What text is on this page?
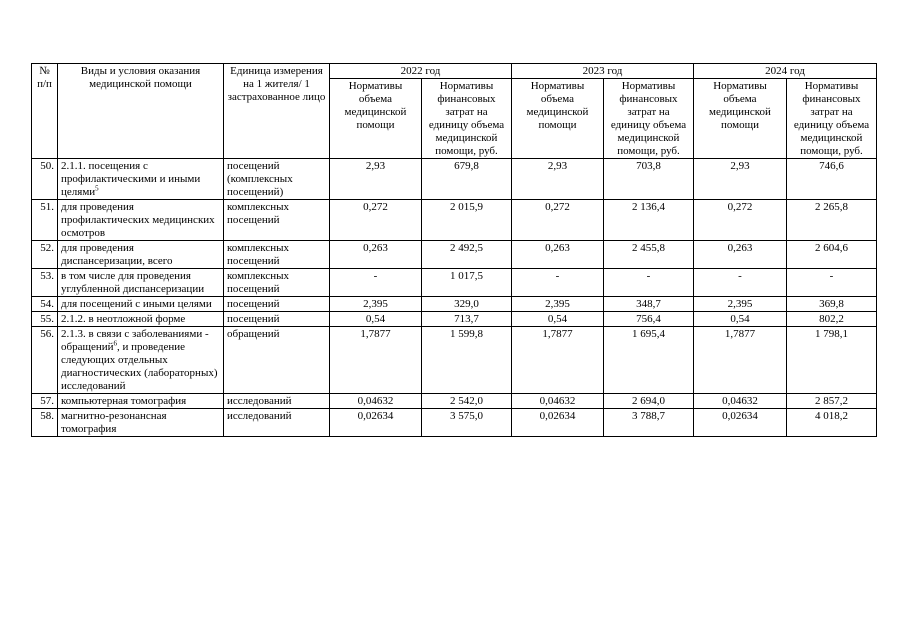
№ п/п	Виды и условия оказания медицинской помощи	Единица измерения на 1 жителя/ 1 застрахованное лицо	2022 год		2023 год		2024 год	
			Нормативы объема медицинской помощи	Нормативы финансовых затрат на единицу объема медицинской помощи, руб.	Нормативы объема медицинской помощи	Нормативы финансовых затрат на единицу объема медицинской помощи, руб.	Нормативы объема медицинской помощи	Нормативы финансовых затрат на единицу объема медицинской помощи, руб.
50.	2.1.1. посещения с профилактическими и иными целями$^5$	посещений (комплексных посещений)	2,93	679,8	2,93	703,8	2,93	746,6
51.	для проведения профилактических медицинских осмотров	комплексных посещений	0,272	2 015,9	0,272	2 136,4	0,272	2 265,8
52.	для проведения диспансеризации, всего	комплексных посещений	0,263	2 492,5	0,263	2 455,8	0,263	2 604,6
53.	в том числе для проведения углубленной диспансеризации	комплексных посещений	-	1 017,5	-	-	-	-
54.	для посещений с иными целями	посещений	2,395	329,0	2,395	348,7	2,395	369,8
55.	2.1.2. в неотложной форме	посещений	0,54	713,7	0,54	756,4	0,54	802,2
56.	2.1.3. в связи с заболеваниями - обращений$^6$, и проведение следующих отдельных диагностических (лабораторных) исследований	обращений	1,7877	1 599,8	1,7877	1 695,4	1,7877	1 798,1
57.	компьютерная томография	исследований	0,04632	2 542,0	0,04632	2 694,0	0,04632	2 857,2
58.	магнитно-резонансная томография	исследований	0,02634	3 575,0	0,02634	3 788,7	0,02634	4 018,2
